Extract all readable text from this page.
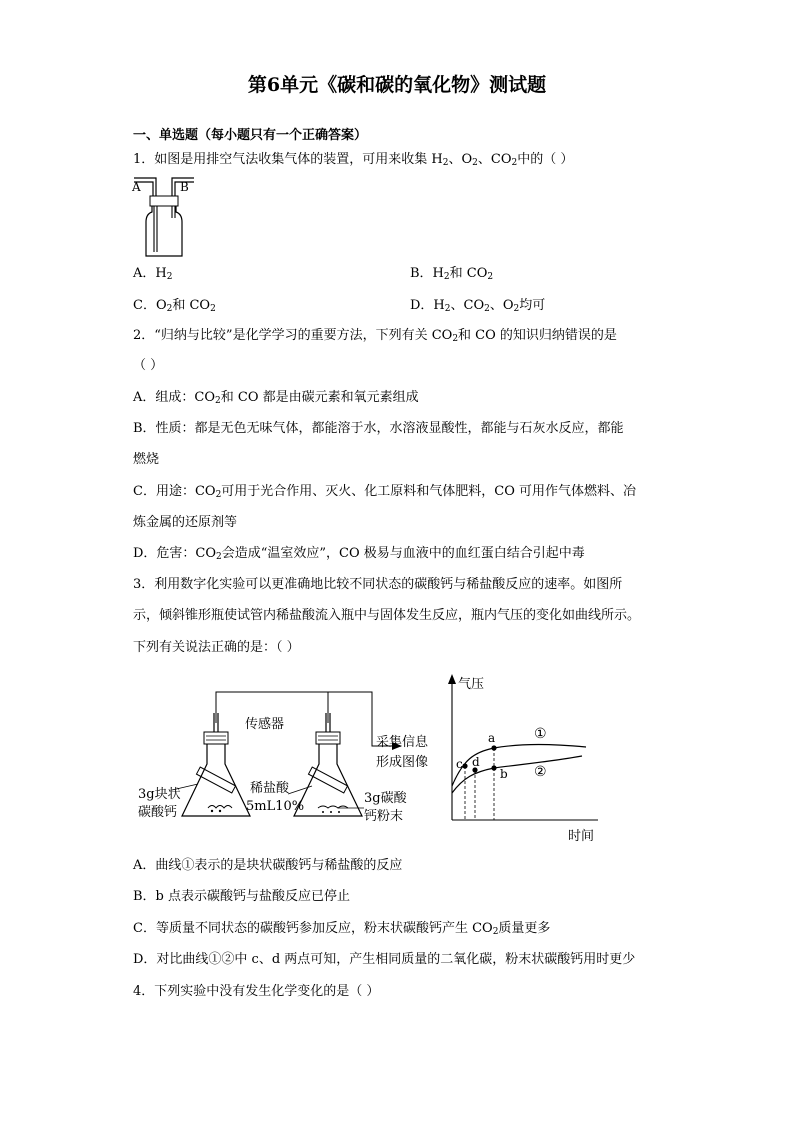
第6单元《碳和碳的氧化物》测试题
一、单选题（每小题只有一个正确答案）
1．如图是用排空气法收集气体的装置，可用来收集 $H_2$、$O_2$、$CO_2$中的（ ）
A	B
A．$H_2$	B．$H_2$和 $CO_2$
C．$O_2$和 $CO_2$	D．$H_2$、$CO_2$、$O_2$均可
2．“归纳与比较”是化学学习的重要方法，下列有关 $CO_2$和 CO 的知识归纳错误的是
（ ）
A．组成：$CO_2$和 CO 都是由碳元素和氧元素组成
B．性质：都是无色无味气体，都能溶于水，水溶液显酸性，都能与石灰水反应，都能
燃烧
C．用途：$CO_2$可用于光合作用、灭火、化工原料和气体肥料，CO 可用作气体燃料、冶
炼金属的还原剂等
D．危害：$CO_2$会造成“温室效应”，CO 极易与血液中的血红蛋白结合引起中毒
3．利用数字化实验可以更准确地比较不同状态的碳酸钙与稀盐酸反应的速率。如图所
示，倾斜锥形瓶使试管内稀盐酸流入瓶中与固体发生反应，瓶内气压的变化如曲线所示。
下列有关说法正确的是：（ ）
传感器
3g块状
碳酸钙
稀盐酸
5mL10%
3g碳酸
钙粉末
采集信息
形成图像
气压
时间
c d
a
b
①
②
A．曲线①表示的是块状碳酸钙与稀盐酸的反应
B．b 点表示碳酸钙与盐酸反应已停止
C．等质量不同状态的碳酸钙参加反应，粉末状碳酸钙产生 $CO_2$质量更多
D．对比曲线①②中 c、d 两点可知，产生相同质量的二氧化碳，粉末状碳酸钙用时更少
4．下列实验中没有发生化学变化的是（ ）
